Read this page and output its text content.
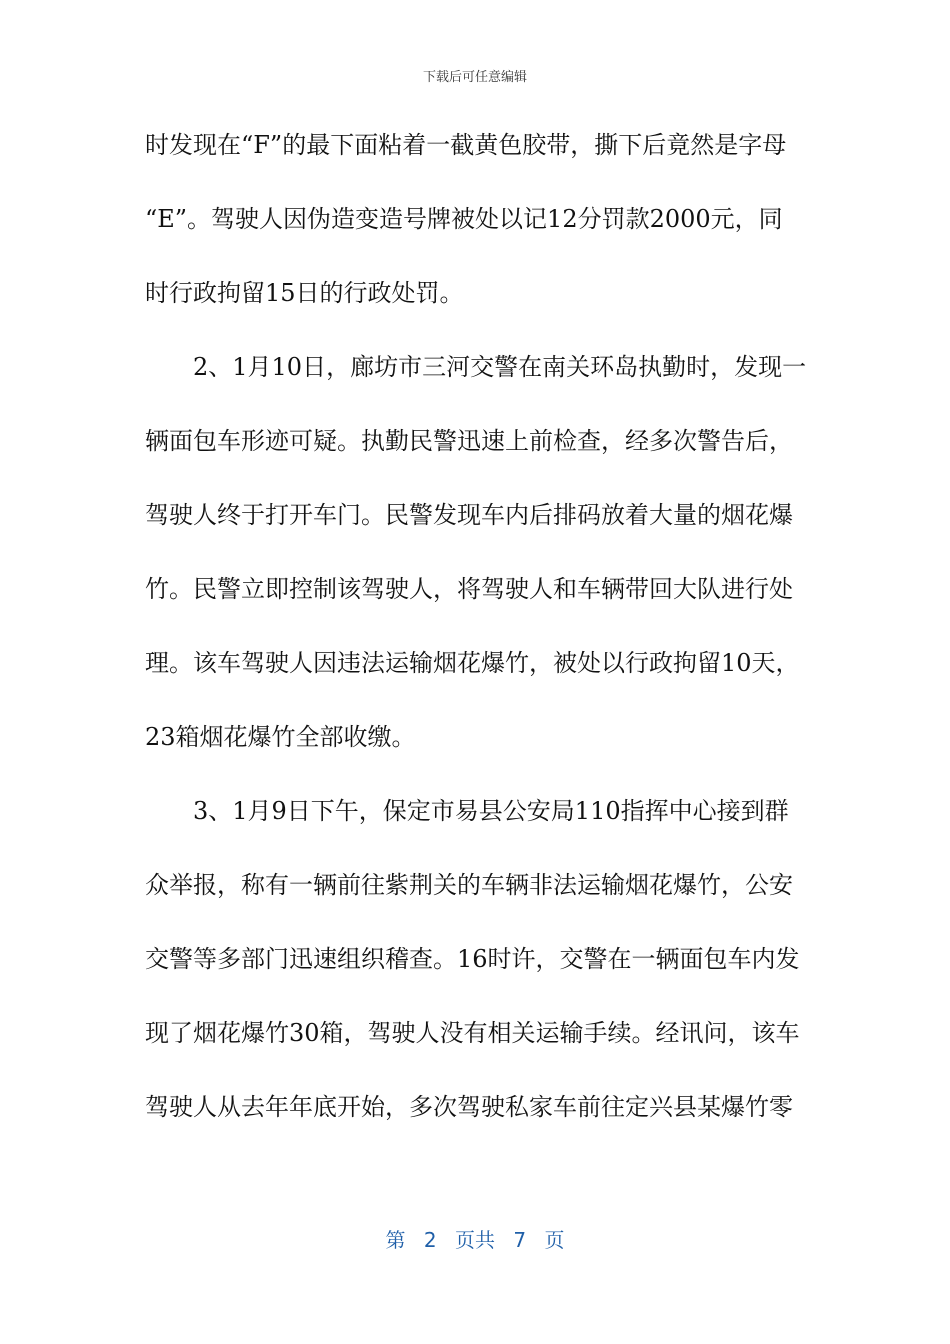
下载后可任意编辑
时发现在“F”的最下面粘着一截黄色胶带，撕下后竟然是字母
“E”。驾驶人因伪造变造号牌被处以记12分罚款2000元，同
时行政拘留15日的行政处罚。
2、1月10日，廊坊市三河交警在南关环岛执勤时，发现一
辆面包车形迹可疑。执勤民警迅速上前检查，经多次警告后，
驾驶人终于打开车门。民警发现车内后排码放着大量的烟花爆
竹。民警立即控制该驾驶人，将驾驶人和车辆带回大队进行处
理。该车驾驶人因违法运输烟花爆竹，被处以行政拘留10天，
23箱烟花爆竹全部收缴。
3、1月9日下午，保定市易县公安局110指挥中心接到群
众举报，称有一辆前往紫荆关的车辆非法运输烟花爆竹，公安
交警等多部门迅速组织稽查。16时许，交警在一辆面包车内发
现了烟花爆竹30箱，驾驶人没有相关运输手续。经讯问，该车
驾驶人从去年年底开始，多次驾驶私家车前往定兴县某爆竹零
第 2 页共 7 页
